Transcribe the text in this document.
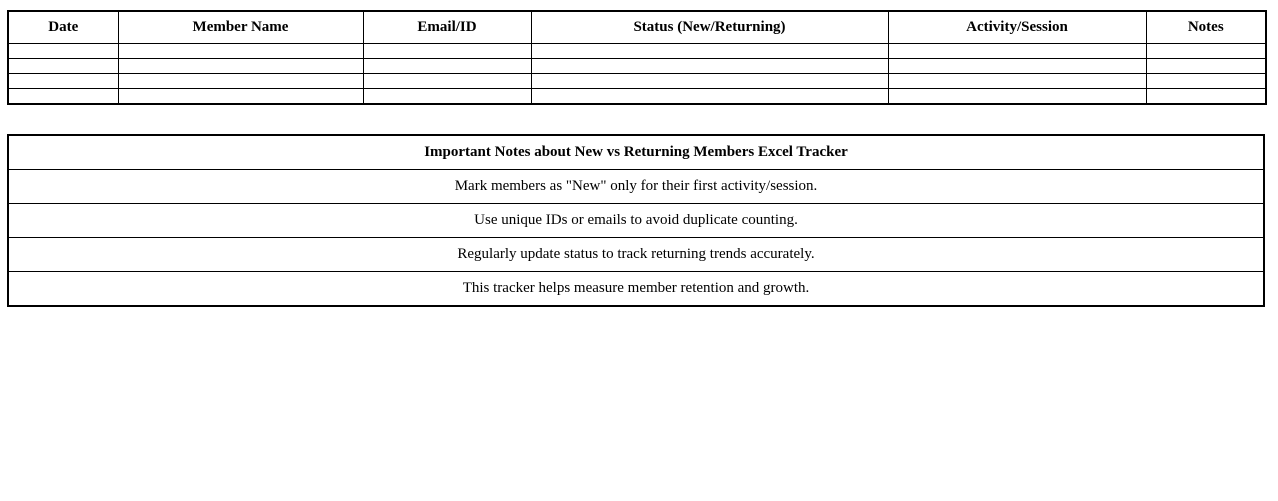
Date	Member Name	Email/ID	Status (New/Returning)	Activity/Session	Notes

Important Notes about New vs Returning Members Excel Tracker
Mark members as "New" only for their first activity/session.
Use unique IDs or emails to avoid duplicate counting.
Regularly update status to track returning trends accurately.
This tracker helps measure member retention and growth.
